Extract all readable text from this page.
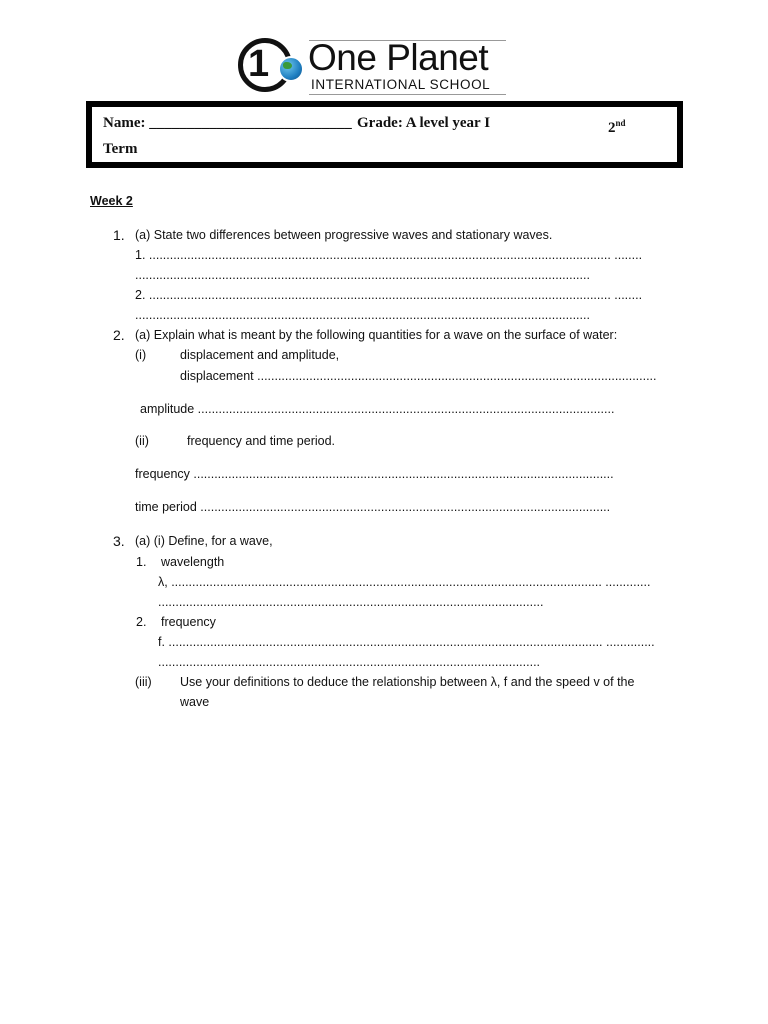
1 One Planet
INTERNATIONAL SCHOOL
Name: ___________________________ Grade: A level year I	2nd
Term
Week 2
1. (a) State two differences between progressive waves and stationary waves.
1. ..................................................................................................................................... ........
...................................................................................................................................
2. ..................................................................................................................................... ........
...................................................................................................................................
2. (a) Explain what is meant by the following quantities for a wave on the surface of water:
(i)	displacement and amplitude,
displacement ...................................................................................................................
amplitude ........................................................................................................................
(ii)	frequency and time period.
frequency .........................................................................................................................
time period ......................................................................................................................
3. (a) (i) Define, for a wave,
1. wavelength
λ, ............................................................................................................................ .............
...............................................................................................................
2. frequency
f. ............................................................................................................................. ..............
..............................................................................................................
(iii) Use your definitions to deduce the relationship between λ, f and the speed v of the
wave
